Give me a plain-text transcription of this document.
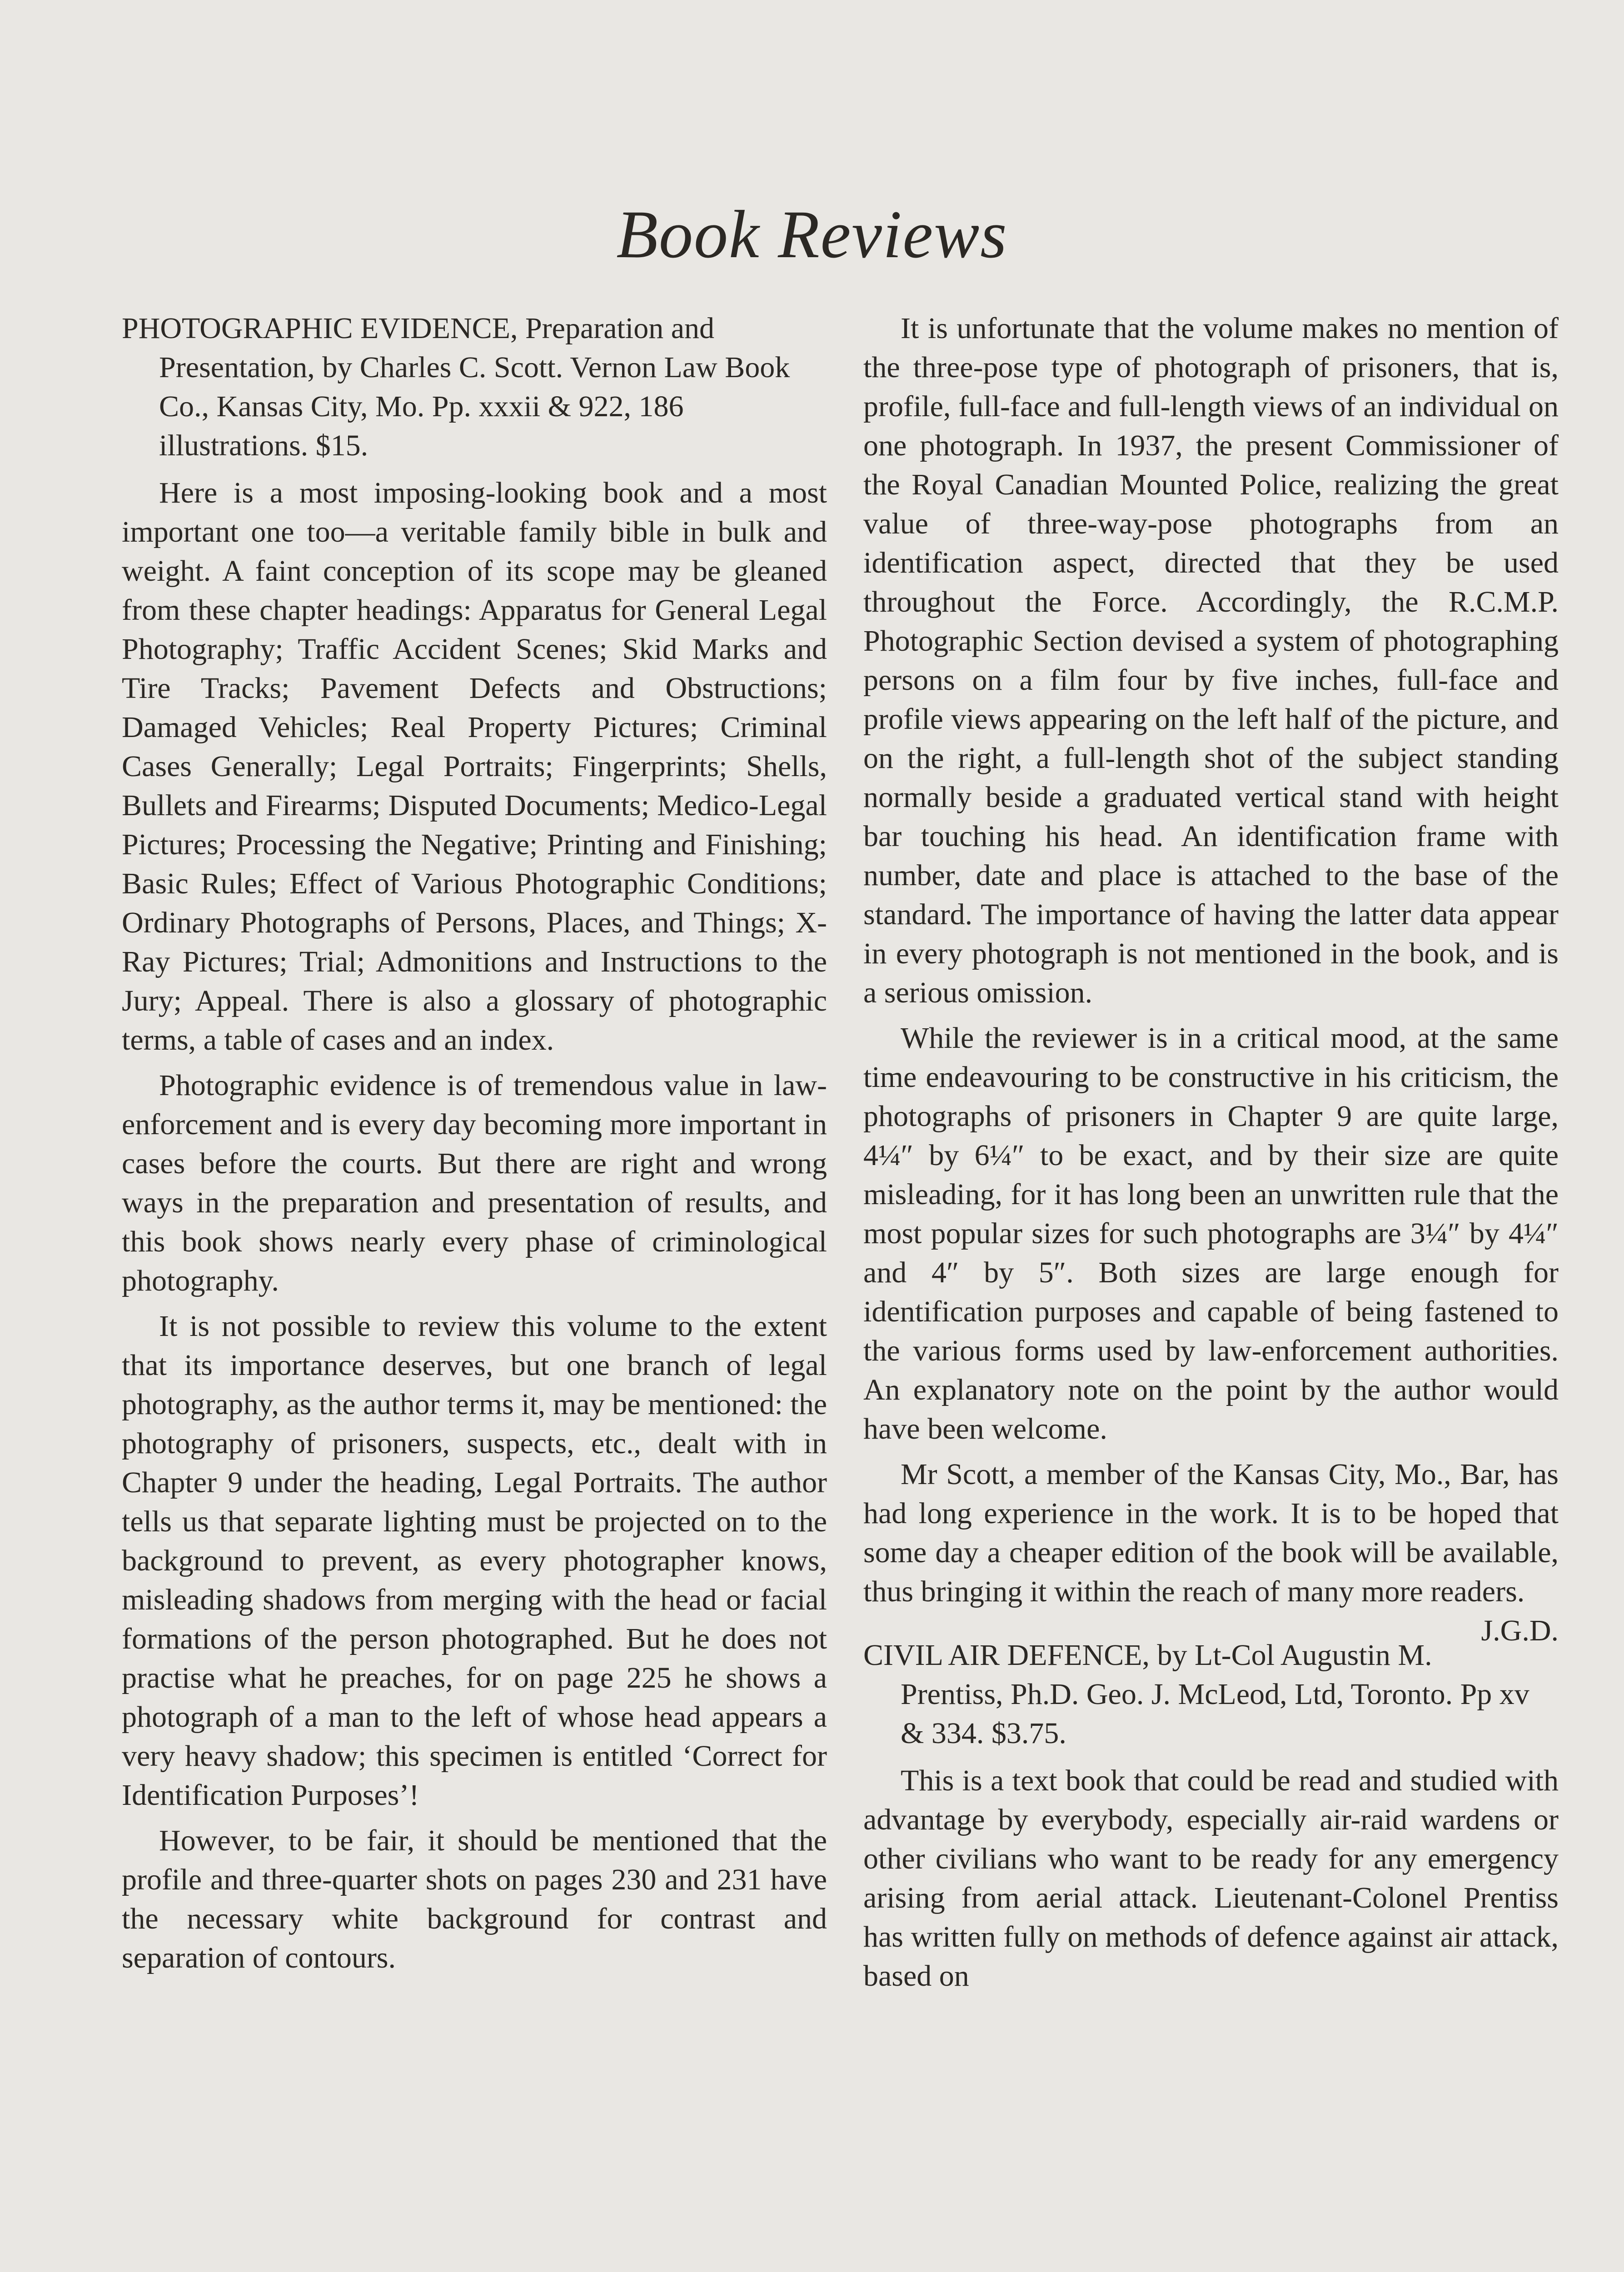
Book Reviews

PHOTOGRAPHIC EVIDENCE, Preparation and Presentation, by Charles C. Scott. Vernon Law Book Co., Kansas City, Mo. Pp. xxxii & 922, 186 illustrations. $15.

Here is a most imposing-looking book and a most important one too—a veritable family bible in bulk and weight. A faint conception of its scope may be gleaned from these chapter headings: Apparatus for General Legal Photography; Traffic Accident Scenes; Skid Marks and Tire Tracks; Pavement Defects and Obstructions; Damaged Vehicles; Real Property Pictures; Criminal Cases Generally; Legal Portraits; Fingerprints; Shells, Bullets and Firearms; Disputed Documents; Medico-Legal Pictures; Processing the Negative; Printing and Finishing; Basic Rules; Effect of Various Photographic Conditions; Ordinary Photographs of Persons, Places, and Things; X-Ray Pictures; Trial; Admonitions and Instructions to the Jury; Appeal. There is also a glossary of photographic terms, a table of cases and an index.

Photographic evidence is of tremendous value in law-enforcement and is every day becoming more important in cases before the courts. But there are right and wrong ways in the preparation and presentation of results, and this book shows nearly every phase of criminological photography.

It is not possible to review this volume to the extent that its importance deserves, but one branch of legal photography, as the author terms it, may be mentioned: the photography of prisoners, suspects, etc., dealt with in Chapter 9 under the heading, Legal Portraits. The author tells us that separate lighting must be projected on to the background to prevent, as every photographer knows, misleading shadows from merging with the head or facial formations of the person photographed. But he does not practise what he preaches, for on page 225 he shows a photograph of a man to the left of whose head appears a very heavy shadow; this specimen is entitled ‘Correct for Identification Purposes’!

However, to be fair, it should be mentioned that the profile and three-quarter shots on pages 230 and 231 have the necessary white background for contrast and separation of contours.

It is unfortunate that the volume makes no mention of the three-pose type of photograph of prisoners, that is, profile, full-face and full-length views of an individual on one photograph. In 1937, the present Commissioner of the Royal Canadian Mounted Police, realizing the great value of three-way-pose photographs from an identification aspect, directed that they be used throughout the Force. Accordingly, the R.C.M.P. Photographic Section devised a system of photographing persons on a film four by five inches, full-face and profile views appearing on the left half of the picture, and on the right, a full-length shot of the subject standing normally beside a graduated vertical stand with height bar touching his head. An identification frame with number, date and place is attached to the base of the standard. The importance of having the latter data appear in every photograph is not mentioned in the book, and is a serious omission.

While the reviewer is in a critical mood, at the same time endeavouring to be constructive in his criticism, the photographs of prisoners in Chapter 9 are quite large, 4¼″ by 6¼″ to be exact, and by their size are quite misleading, for it has long been an unwritten rule that the most popular sizes for such photographs are 3¼″ by 4¼″ and 4″ by 5″. Both sizes are large enough for identification purposes and capable of being fastened to the various forms used by law-enforcement authorities. An explanatory note on the point by the author would have been welcome.

Mr Scott, a member of the Kansas City, Mo., Bar, has had long experience in the work. It is to be hoped that some day a cheaper edition of the book will be available, thus bringing it within the reach of many more readers.
J.G.D.

CIVIL AIR DEFENCE, by Lt-Col Augustin M. Prentiss, Ph.D. Geo. J. McLeod, Ltd, Toronto. Pp xv & 334. $3.75.

This is a text book that could be read and studied with advantage by everybody, especially air-raid wardens or other civilians who want to be ready for any emergency arising from aerial attack. Lieutenant-Colonel Prentiss has written fully on methods of defence against air attack, based on
